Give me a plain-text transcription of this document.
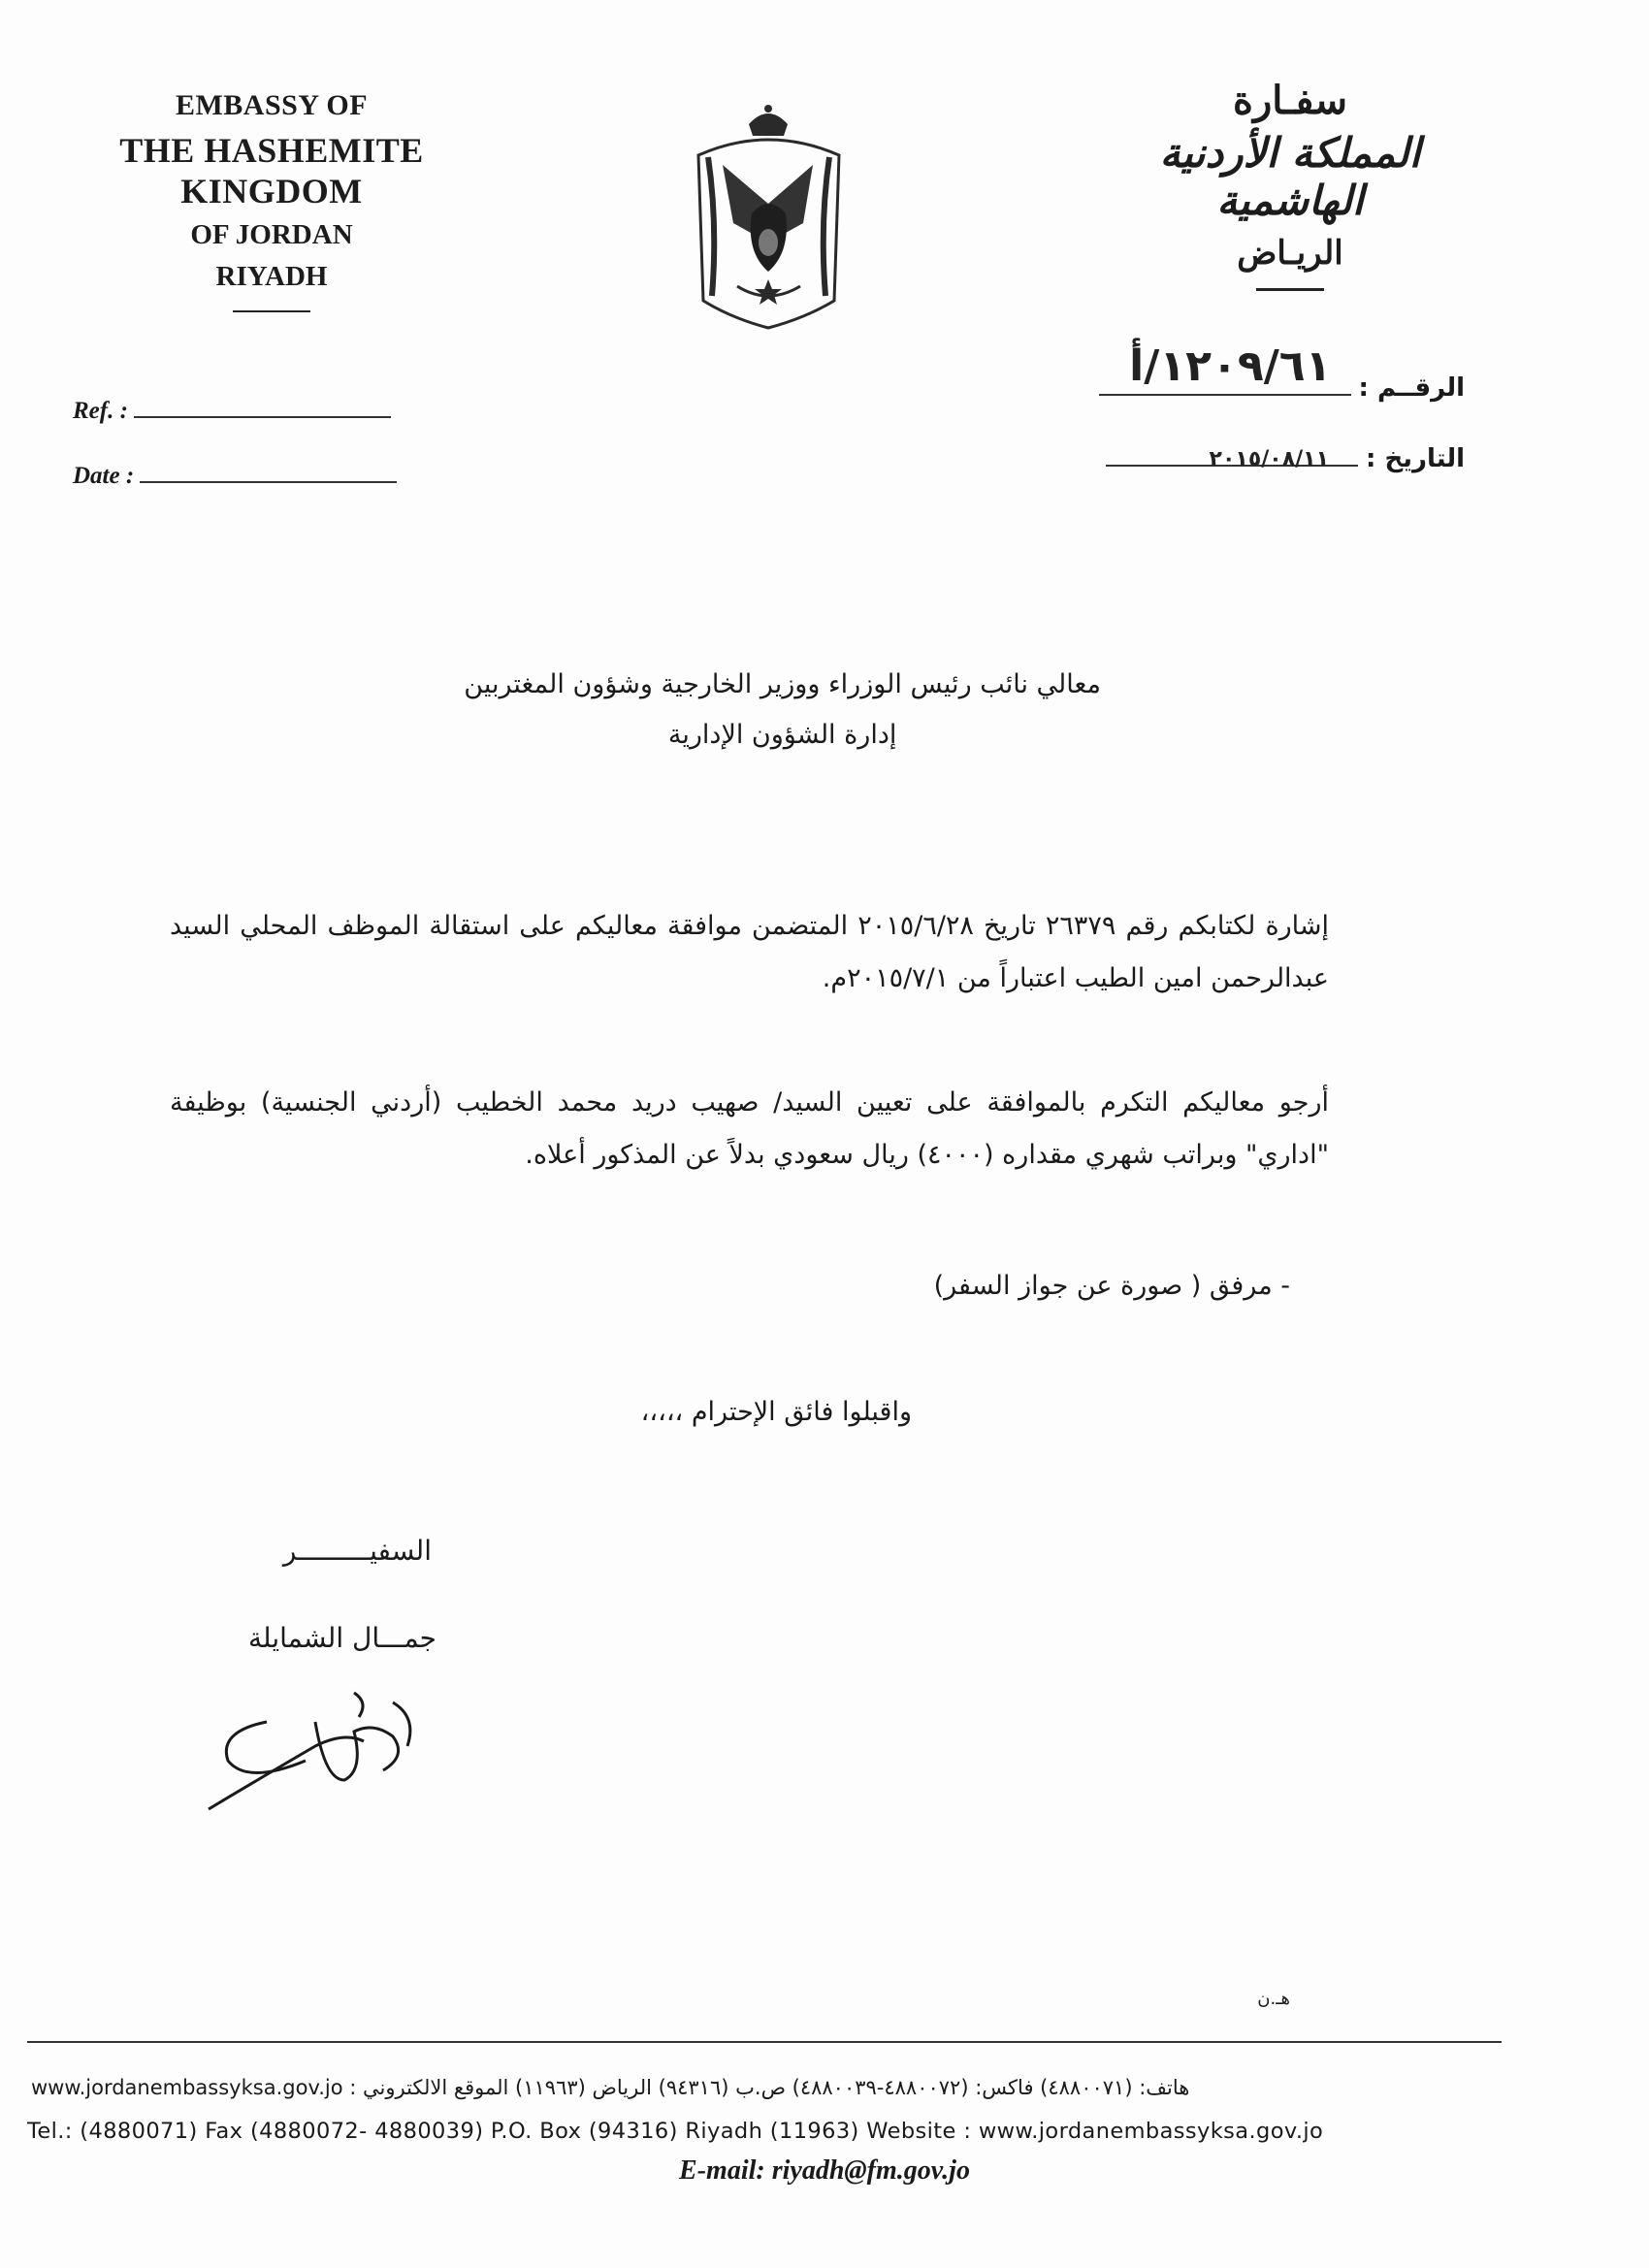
EMBASSY OF
THE HASHEMITE KINGDOM
OF JORDAN
RIYADH
سفـارة
المملكة الأردنية الهاشمية
الريـاض
Ref. :
Date :
الرقــم :
١٢٠٩/٦١/أ
التاريخ :
٢٠١٥/٠٨/١١
معالي نائب رئيس الوزراء ووزير الخارجية وشؤون المغتربين
إدارة الشؤون الإدارية
إشارة لكتابكم رقم ٢٦٣٧٩ تاريخ ٢٠١٥/٦/٢٨ المتضمن موافقة معاليكم على استقالة الموظف المحلي السيد عبدالرحمن امين الطيب اعتباراً من ٢٠١٥/٧/١م.
أرجو معاليكم التكرم بالموافقة على تعيين السيد/ صهيب دريد محمد الخطيب (أردني الجنسية) بوظيفة "اداري" وبراتب شهري مقداره (٤٠٠٠) ريال سعودي بدلاً عن المذكور أعلاه.
- مرفق ( صورة عن جواز السفر)
واقبلوا فائق الإحترام ،،،،،
السفيـــــــــر
جمـــال الشمايلة
هـ.ن
هاتف: (٤٨٨٠٠٧١) فاكس: (٤٨٨٠٠٧٢-٤٨٨٠٠٣٩) ص.ب (٩٤٣١٦) الرياض (١١٩٦٣) الموقع الالكتروني : www.jordanembassyksa.gov.jo
Tel.: (4880071) Fax (4880072- 4880039) P.O. Box (94316) Riyadh (11963) Website : www.jordanembassyksa.gov.jo
E-mail: riyadh@fm.gov.jo
